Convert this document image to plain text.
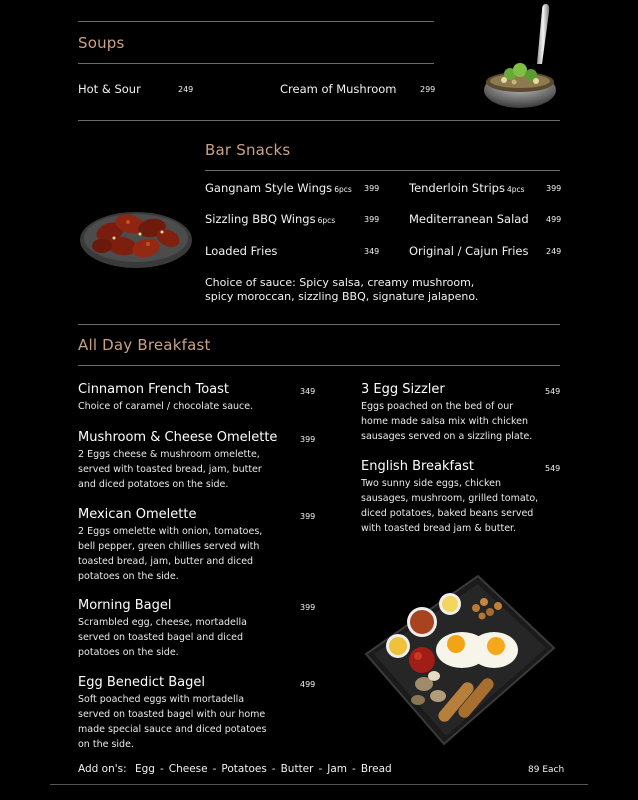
Soups
Hot & Sour	249	Cream of Mushroom	299
Bar Snacks
Gangnam Style Wings 6pcs 399	Tenderloin Strips 4pcs	399
Sizzling BBQ Wings 6pcs	399	Mediterranean Salad 499
Loaded Fries	349	Original / Cajun Fries 249
Choice of sauce: Spicy salsa, creamy mushroom,
spicy moroccan, sizzling BBQ, signature jalapeno.
All Day Breakfast
Cinnamon French Toast	349
Choice of caramel / chocolate sauce.
Mushroom & Cheese Omelette	399
2 Eggs cheese & mushroom omelette,
served with toasted bread, jam, butter
and diced potatoes on the side.
Mexican Omelette	399
2 Eggs omelette with onion, tomatoes,
bell pepper, green chillies served with
toasted bread, jam, butter and diced
potatoes on the side.
Morning Bagel	399
Scrambled egg, cheese, mortadella
served on toasted bagel and diced
potatoes on the side.
Egg Benedict Bagel	499
Soft poached eggs with mortadella
served on toasted bagel with our home
made special sauce and diced potatoes
on the side.
3 Egg Sizzler	549
Eggs poached on the bed of our
home made salsa mix with chicken
sausages served on a sizzling plate.
English Breakfast	549
Two sunny side eggs, chicken
sausages, mushroom, grilled tomato,
diced potatoes, baked beans served
with toasted bread jam & butter.
Add on's: Egg - Cheese - Potatoes - Butter - Jam - Bread	89 Each
